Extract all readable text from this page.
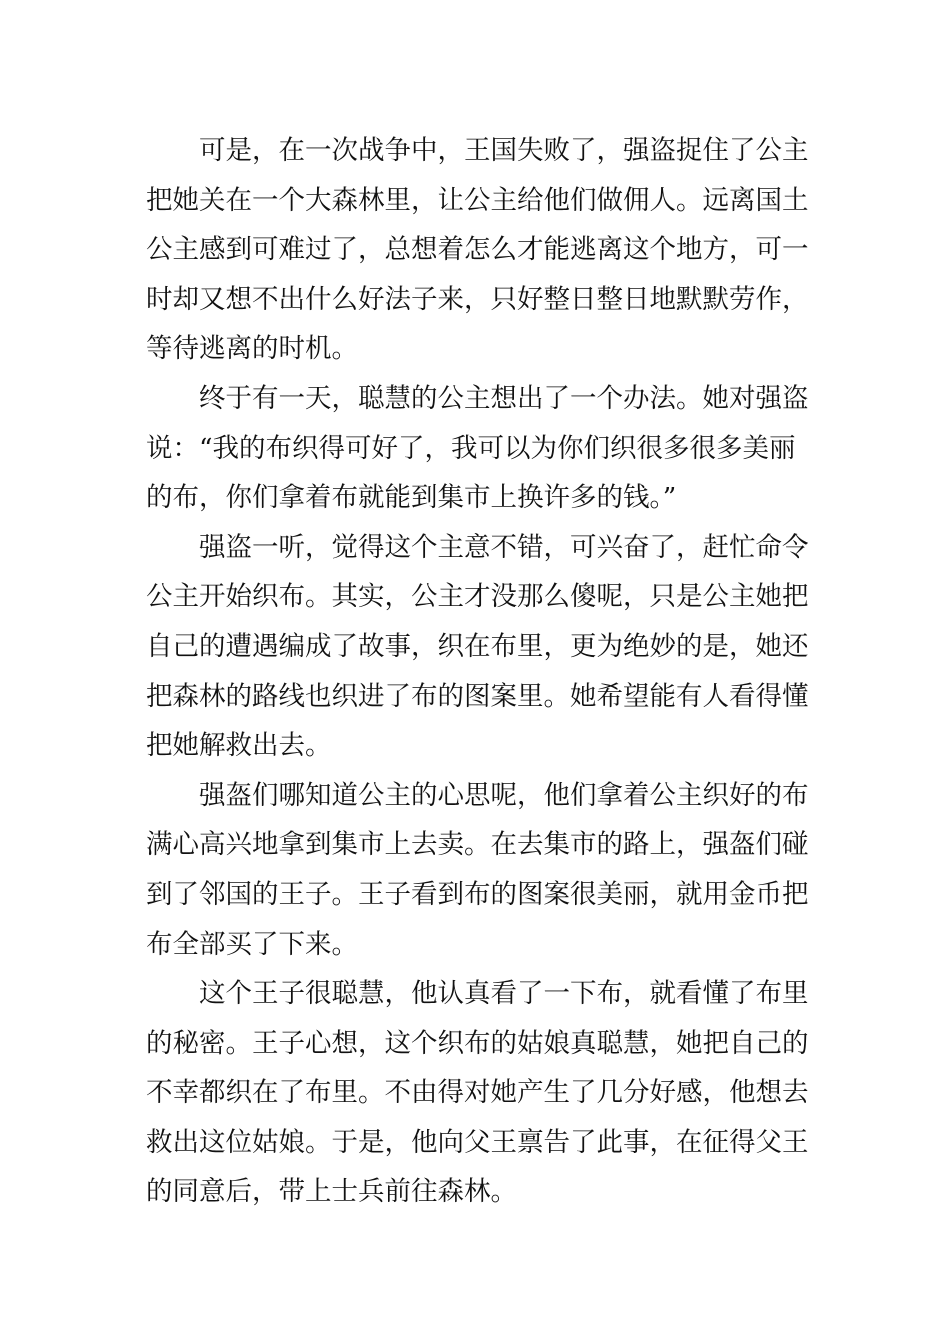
可是，在一次战争中，王国失败了，强盗捉住了公主
把她关在一个大森林里，让公主给他们做佣人。远离国土
公主感到可难过了，总想着怎么才能逃离这个地方，可一
时却又想不出什么好法子来，只好整日整日地默默劳作，
等待逃离的时机。
终于有一天，聪慧的公主想出了一个办法。她对强盗
说：“我的布织得可好了，我可以为你们织很多很多美丽
的布，你们拿着布就能到集市上换许多的钱。”
强盗一听，觉得这个主意不错，可兴奋了，赶忙命令
公主开始织布。其实，公主才没那么傻呢，只是公主她把
自己的遭遇编成了故事，织在布里，更为绝妙的是，她还
把森林的路线也织进了布的图案里。她希望能有人看得懂
把她解救出去。
强盔们哪知道公主的心思呢，他们拿着公主织好的布
满心高兴地拿到集市上去卖。在去集市的路上，强盔们碰
到了邻国的王子。王子看到布的图案很美丽，就用金币把
布全部买了下来。
这个王子很聪慧，他认真看了一下布，就看懂了布里
的秘密。王子心想，这个织布的姑娘真聪慧，她把自己的
不幸都织在了布里。不由得对她产生了几分好感，他想去
救出这位姑娘。于是，他向父王禀告了此事，在征得父王
的同意后，带上士兵前往森林。
